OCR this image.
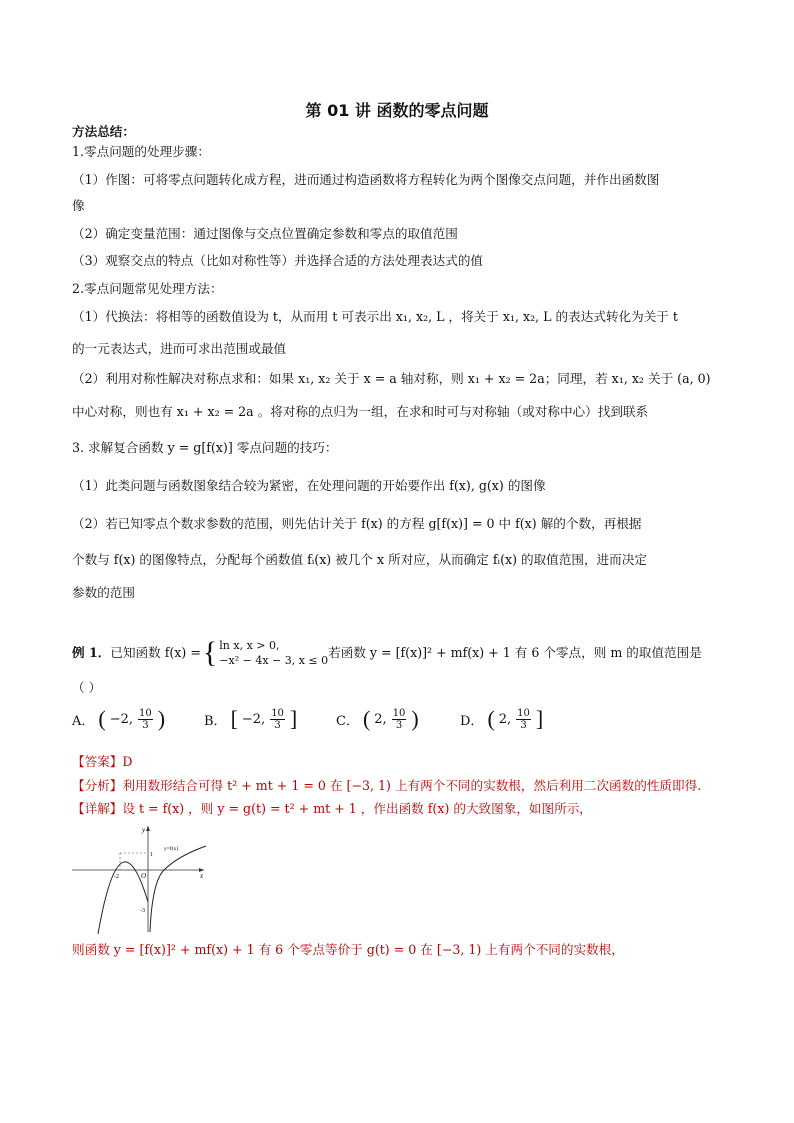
第 01 讲 函数的零点问题
方法总结：
1.零点问题的处理步骤：
（1）作图：可将零点问题转化成方程，进而通过构造函数将方程转化为两个图像交点问题，并作出函数图
像
（2）确定变量范围：通过图像与交点位置确定参数和零点的取值范围
（3）观察交点的特点（比如对称性等）并选择合适的方法处理表达式的值
2.零点问题常见处理方法：
（1）代换法：将相等的函数值设为 t，从而用 t 可表示出 x₁, x₂, L ，将关于 x₁, x₂, L 的表达式转化为关于 t
的一元表达式，进而可求出范围或最值
（2）利用对称性解决对称点求和：如果 x₁, x₂ 关于 x = a 轴对称，则 x₁ + x₂ = 2a；同理，若 x₁, x₂ 关于 (a, 0)
中心对称，则也有 x₁ + x₂ = 2a 。将对称的点归为一组，在求和时可与对称轴（或对称中心）找到联系
3. 求解复合函数 y = g[f(x)] 零点问题的技巧：
（1）此类问题与函数图象结合较为紧密，在处理问题的开始要作出 f(x), g(x) 的图像
（2）若已知零点个数求参数的范围，则先估计关于 f(x) 的方程 g[f(x)] = 0 中 f(x) 解的个数，再根据
个数与 f(x) 的图像特点，分配每个函数值 fᵢ(x) 被几个 x 所对应，从而确定 fᵢ(x) 的取值范围，进而决定
参数的范围
例 1． 已知函数 f(x) = { ln x, x > 0,
−x² − 4x − 3, x ≤ 0
若函数 y = [f(x)]² + mf(x) + 1 有 6 个零点，则 m 的取值范围是
（ ）
A． ( −2, $\frac{10}{3}$ )	B． [ −2, $\frac{10}{3}$ ]	C． ( 2, $\frac{10}{3}$ )	D． ( 2, $\frac{10}{3}$ ]
【答案】D
【分析】利用数形结合可得 t² + mt + 1 = 0 在 [−3, 1) 上有两个不同的实数根，然后利用二次函数的性质即得.
【详解】设 t = f(x) ，则 y = g(t) = t² + mt + 1 ，作出函数 f(x) 的大致图象，如图所示，
y
x
O
-2
1
-3
y=f(x)
则函数 y = [f(x)]² + mf(x) + 1 有 6 个零点等价于 g(t) = 0 在 [−3, 1) 上有两个不同的实数根，
